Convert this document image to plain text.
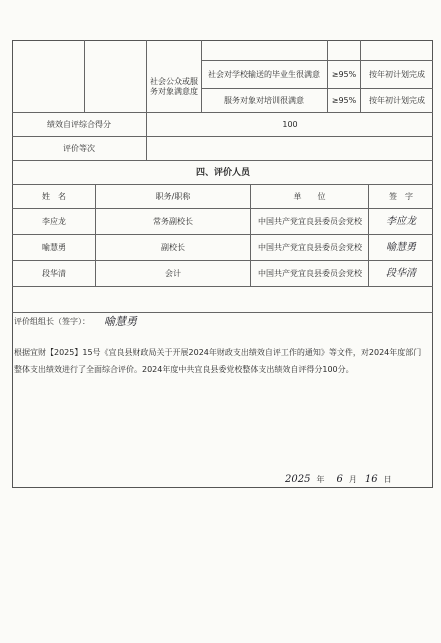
社会公众或服务对象满意度
社会对学校输送的毕业生很满意	≥95%	按年初计划完成
服务对象对培训很满意	≥95%	按年初计划完成
绩效自评综合得分	100
评价等次
四、评价人员
姓　名	职务/职称	单　　位	签　字
李应龙	常务副校长	中国共产党宜良县委员会党校	李应龙
喻慧勇	副校长	中国共产党宜良县委员会党校	喻慧勇
段华清	会计	中国共产党宜良县委员会党校	段华清
评价组组长（签字）：	喻慧勇
根据宜财【2025】15号《宜良县财政局关于开展2024年财政支出绩效自评工作的通知》等文件，对2024年度部门整体支出绩效进行了全面综合评价。2024年度中共宜良县委党校整体支出绩效自评得分100分。
2025 年 6 月 16 日
